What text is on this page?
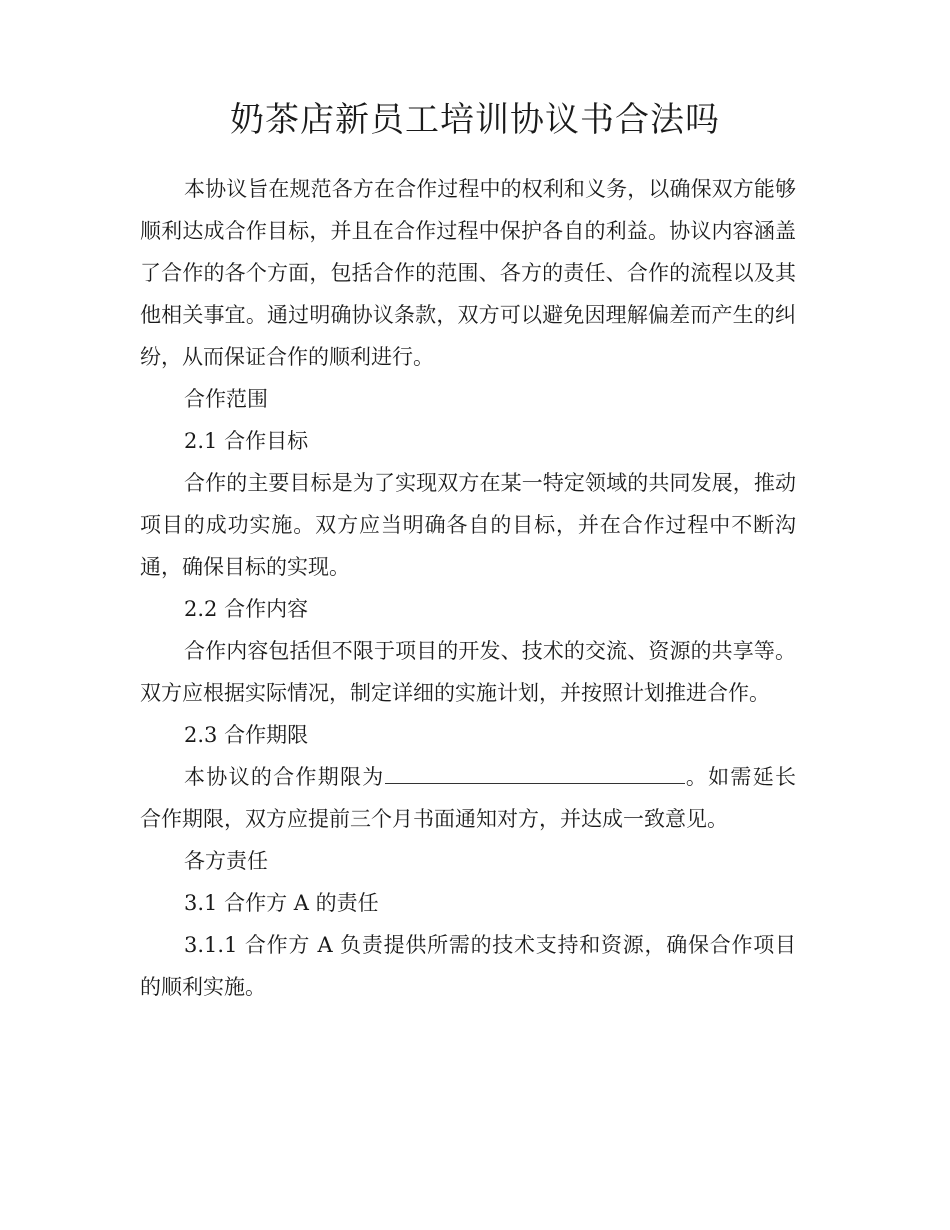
奶茶店新员工培训协议书合法吗

本协议旨在规范各方在合作过程中的权利和义务，以确保双方能够顺利达成合作目标，并且在合作过程中保护各自的利益。协议内容涵盖了合作的各个方面，包括合作的范围、各方的责任、合作的流程以及其他相关事宜。通过明确协议条款，双方可以避免因理解偏差而产生的纠纷，从而保证合作的顺利进行。

合作范围

2.1 合作目标

合作的主要目标是为了实现双方在某一特定领域的共同发展，推动项目的成功实施。双方应当明确各自的目标，并在合作过程中不断沟通，确保目标的实现。

2.2 合作内容

合作内容包括但不限于项目的开发、技术的交流、资源的共享等。双方应根据实际情况，制定详细的实施计划，并按照计划推进合作。

2.3 合作期限

本协议的合作期限为	。如需延长合作期限，双方应提前三个月书面通知对方，并达成一致意见。

各方责任

3.1 合作方 A 的责任

3.1.1 合作方 A 负责提供所需的技术支持和资源，确保合作项目的顺利实施。
